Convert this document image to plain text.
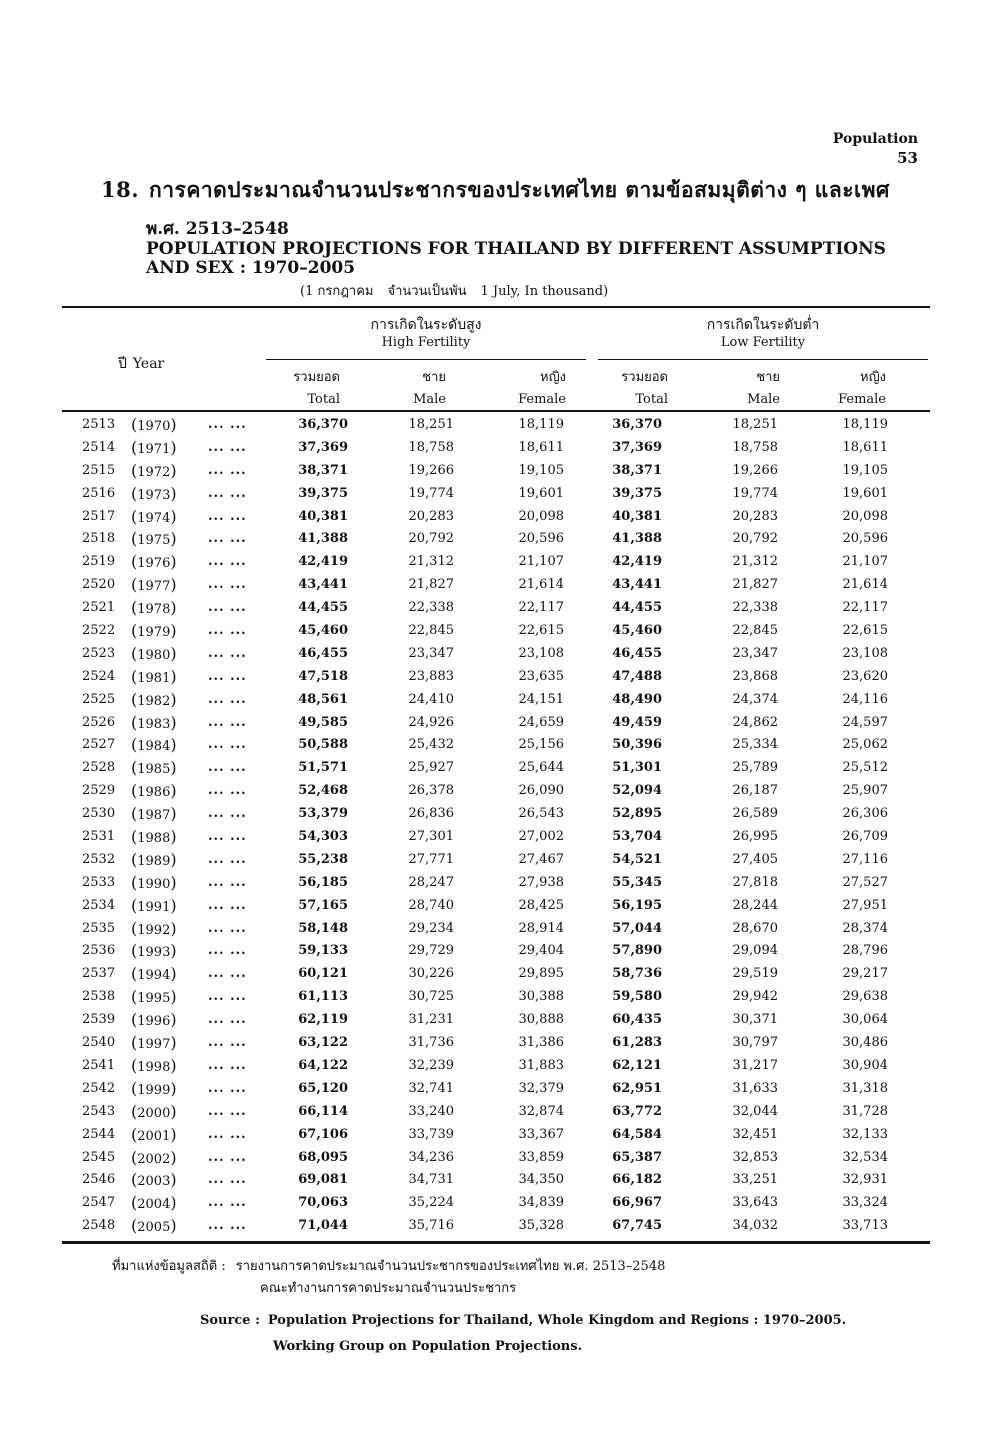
Population
53
18. การคาดประมาณจำนวนประชากรของประเทศไทย ตามข้อสมมุติต่าง ๆ และเพศ
พ.ศ. 2513–2548
POPULATION PROJECTIONS FOR THAILAND BY DIFFERENT ASSUMPTIONS AND SEX : 1970–2005
(1 กรกฎาคม จำนวนเป็นพัน 1 July, In thousand)
การเกิดในระดับสูง
High Fertility
การเกิดในระดับต่ำ
Low Fertility
ปี Year
รวมยอด
Total
ชาย
Male
หญิง
Female
รวมยอด
Total
ชาย
Male
หญิง
Female
2513 (1970)	... ...	36,370	18,251	18,119	36,370	18,251	18,119
2514 (1971)	... ...	37,369	18,758	18,611	37,369	18,758	18,611
2515 (1972)	... ...	38,371	19,266	19,105	38,371	19,266	19,105
2516 (1973)	... ...	39,375	19,774	19,601	39,375	19,774	19,601
2517 (1974)	... ...	40,381	20,283	20,098	40,381	20,283	20,098
2518 (1975)	... ...	41,388	20,792	20,596	41,388	20,792	20,596
2519 (1976)	... ...	42,419	21,312	21,107	42,419	21,312	21,107
2520 (1977)	... ...	43,441	21,827	21,614	43,441	21,827	21,614
2521 (1978)	... ...	44,455	22,338	22,117	44,455	22,338	22,117
2522 (1979)	... ...	45,460	22,845	22,615	45,460	22,845	22,615
2523 (1980)	... ...	46,455	23,347	23,108	46,455	23,347	23,108
2524 (1981)	... ...	47,518	23,883	23,635	47,488	23,868	23,620
2525 (1982)	... ...	48,561	24,410	24,151	48,490	24,374	24,116
2526 (1983)	... ...	49,585	24,926	24,659	49,459	24,862	24,597
2527 (1984)	... ...	50,588	25,432	25,156	50,396	25,334	25,062
2528 (1985)	... ...	51,571	25,927	25,644	51,301	25,789	25,512
2529 (1986)	... ...	52,468	26,378	26,090	52,094	26,187	25,907
2530 (1987)	... ...	53,379	26,836	26,543	52,895	26,589	26,306
2531 (1988)	... ...	54,303	27,301	27,002	53,704	26,995	26,709
2532 (1989)	... ...	55,238	27,771	27,467	54,521	27,405	27,116
2533 (1990)	... ...	56,185	28,247	27,938	55,345	27,818	27,527
2534 (1991)	... ...	57,165	28,740	28,425	56,195	28,244	27,951
2535 (1992)	... ...	58,148	29,234	28,914	57,044	28,670	28,374
2536 (1993)	... ...	59,133	29,729	29,404	57,890	29,094	28,796
2537 (1994)	... ...	60,121	30,226	29,895	58,736	29,519	29,217
2538 (1995)	... ...	61,113	30,725	30,388	59,580	29,942	29,638
2539 (1996)	... ...	62,119	31,231	30,888	60,435	30,371	30,064
2540 (1997)	... ...	63,122	31,736	31,386	61,283	30,797	30,486
2541 (1998)	... ...	64,122	32,239	31,883	62,121	31,217	30,904
2542 (1999)	... ...	65,120	32,741	32,379	62,951	31,633	31,318
2543 (2000)	... ...	66,114	33,240	32,874	63,772	32,044	31,728
2544 (2001)	... ...	67,106	33,739	33,367	64,584	32,451	32,133
2545 (2002)	... ...	68,095	34,236	33,859	65,387	32,853	32,534
2546 (2003)	... ...	69,081	34,731	34,350	66,182	33,251	32,931
2547 (2004)	... ...	70,063	35,224	34,839	66,967	33,643	33,324
2548 (2005)	... ...	71,044	35,716	35,328	67,745	34,032	33,713
ที่มาแห่งข้อมูลสถิติ : รายงานการคาดประมาณจำนวนประชากรของประเทศไทย พ.ศ. 2513–2548
คณะทำงานการคาดประมาณจำนวนประชากร
Source : Population Projections for Thailand, Whole Kingdom and Regions : 1970–2005.
Working Group on Population Projections.
